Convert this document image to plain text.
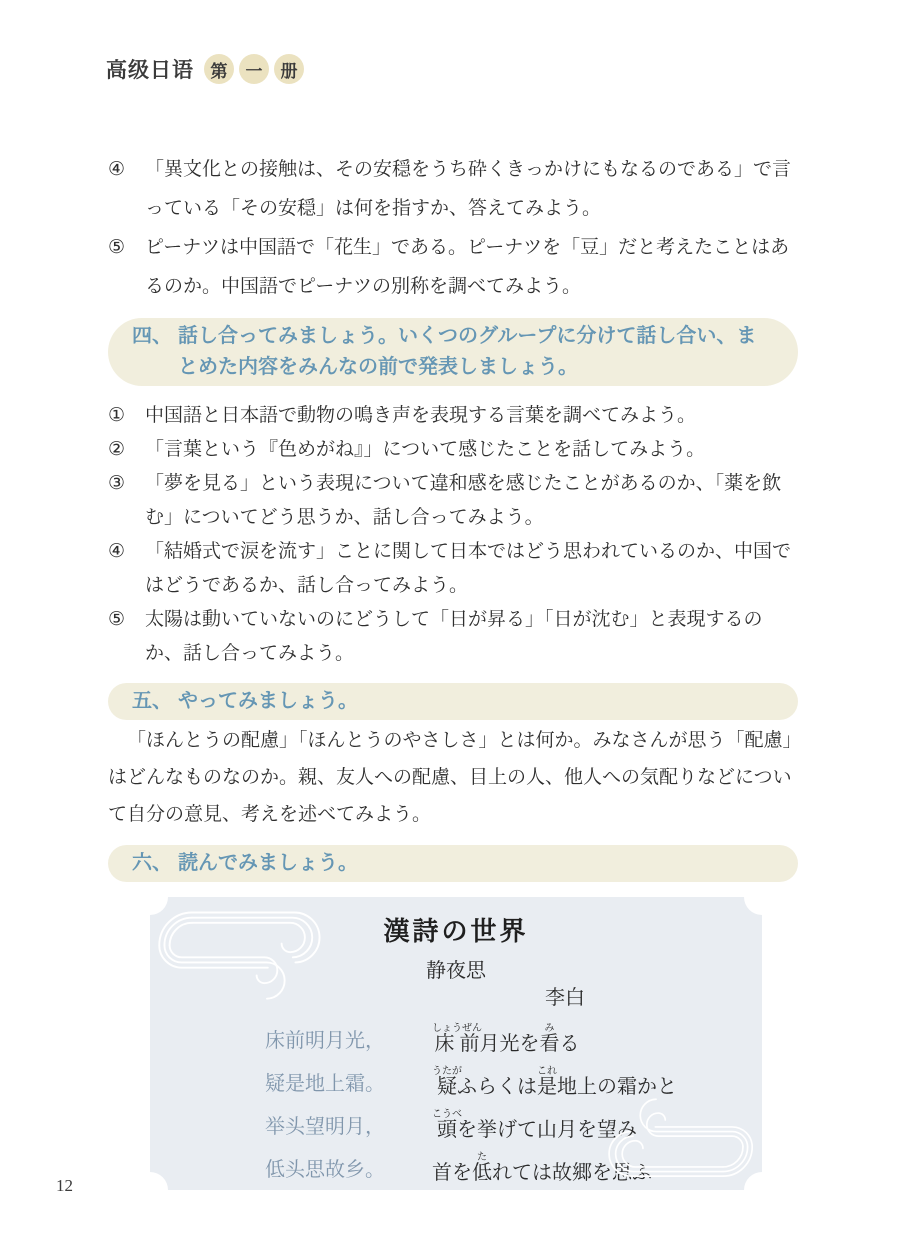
高级日语 第	一	册
④	「異文化との接触は、その安穏をうち砕くきっかけにもなるのである」で言っている「その安穏」は何を指すか、答えてみよう。
⑤	ピーナツは中国語で「花生」である。ピーナツを「豆」だと考えたことはあるのか。中国語でピーナツの別称を調べてみよう。
四、 話し合ってみましょう。いくつのグループに分けて話し合い、まとめた内容をみんなの前で発表しましょう。
①	中国語と日本語で動物の鳴き声を表現する言葉を調べてみよう。
②	「言葉という『色めがね』」について感じたことを話してみよう。
③	「夢を見る」という表現について違和感を感じたことがあるのか、「薬を飲む」についてどう思うか、話し合ってみよう。
④	「結婚式で涙を流す」ことに関して日本ではどう思われているのか、中国ではどうであるか、話し合ってみよう。
⑤	太陽は動いていないのにどうして「日が昇る」「日が沈む」と表現するのか、話し合ってみよう。
五、 やってみましょう。
「ほんとうの配慮」「ほんとうのやさしさ」とは何か。みなさんが思う「配慮」はどんなものなのか。親、友人への配慮、目上の人、他人への気配りなどについて自分の意見、考えを述べてみよう。
六、 読んでみましょう。
漢詩の世界
静夜思
李白
床前明月光，	床前しょうぜん月光を看みる
疑是地上霜。	疑うたがふらくは是これ地上の霜かと
举头望明月，	頭こうべを挙げて山月を望み
低头思故乡。	首を低たれては故郷を思ふ
12
